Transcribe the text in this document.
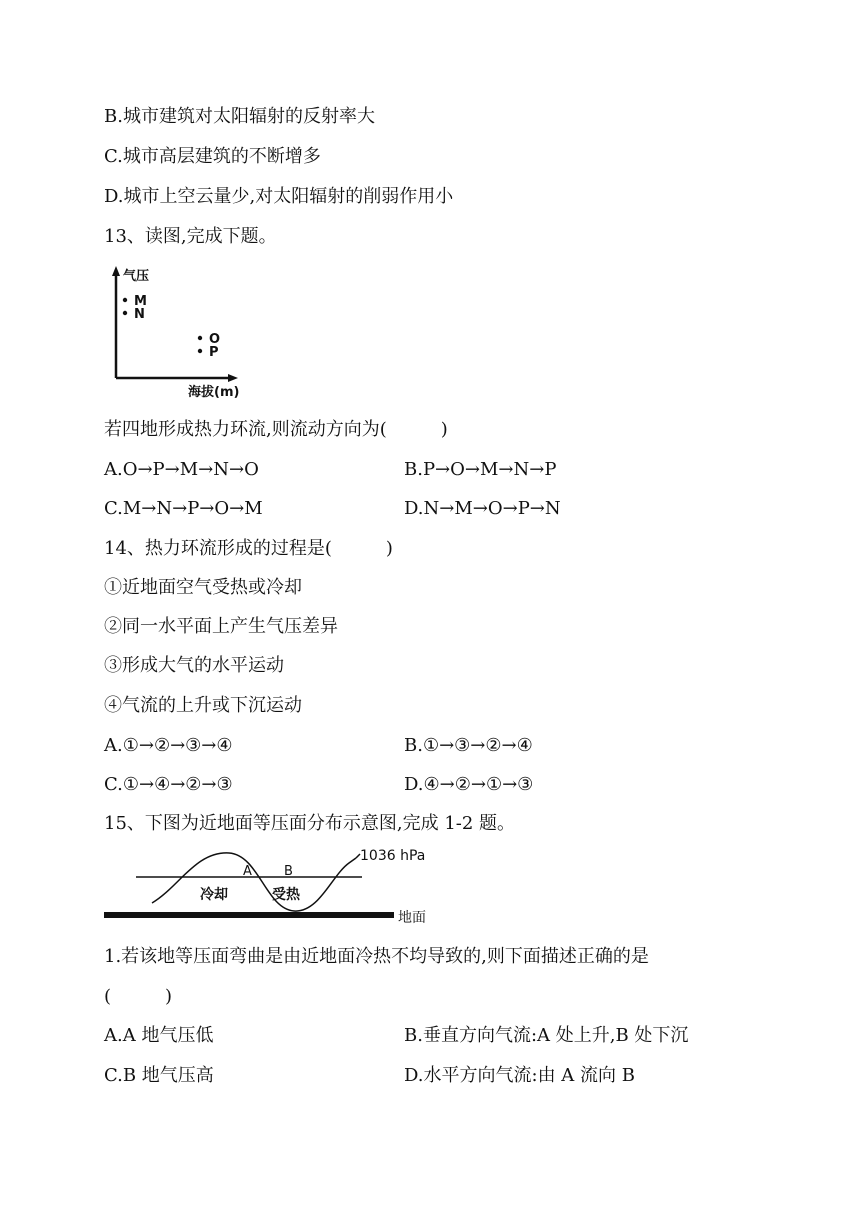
B.城市建筑对太阳辐射的反射率大
C.城市高层建筑的不断增多
D.城市上空云量少,对太阳辐射的削弱作用小
13、读图,完成下题。
气压
海拔(m)
M
N
O
P
若四地形成热力环流,则流动方向为(　　　)
A.O→P→M→N→O	B.P→O→M→N→P
C.M→N→P→O→M	D.N→M→O→P→N
14、热力环流形成的过程是(　　　)
①近地面空气受热或冷却
②同一水平面上产生气压差异
③形成大气的水平运动
④气流的上升或下沉运动
A.①→②→③→④	B.①→③→②→④
C.①→④→②→③	D.④→②→①→③
15、下图为近地面等压面分布示意图,完成 1-2 题。
1036 hPa
A B
冷却	受热
地面
1.若该地等压面弯曲是由近地面冷热不均导致的,则下面描述正确的是
(　　　)
A.A 地气压低	B.垂直方向气流:A 处上升,B 处下沉
C.B 地气压高	D.水平方向气流:由 A 流向 B
